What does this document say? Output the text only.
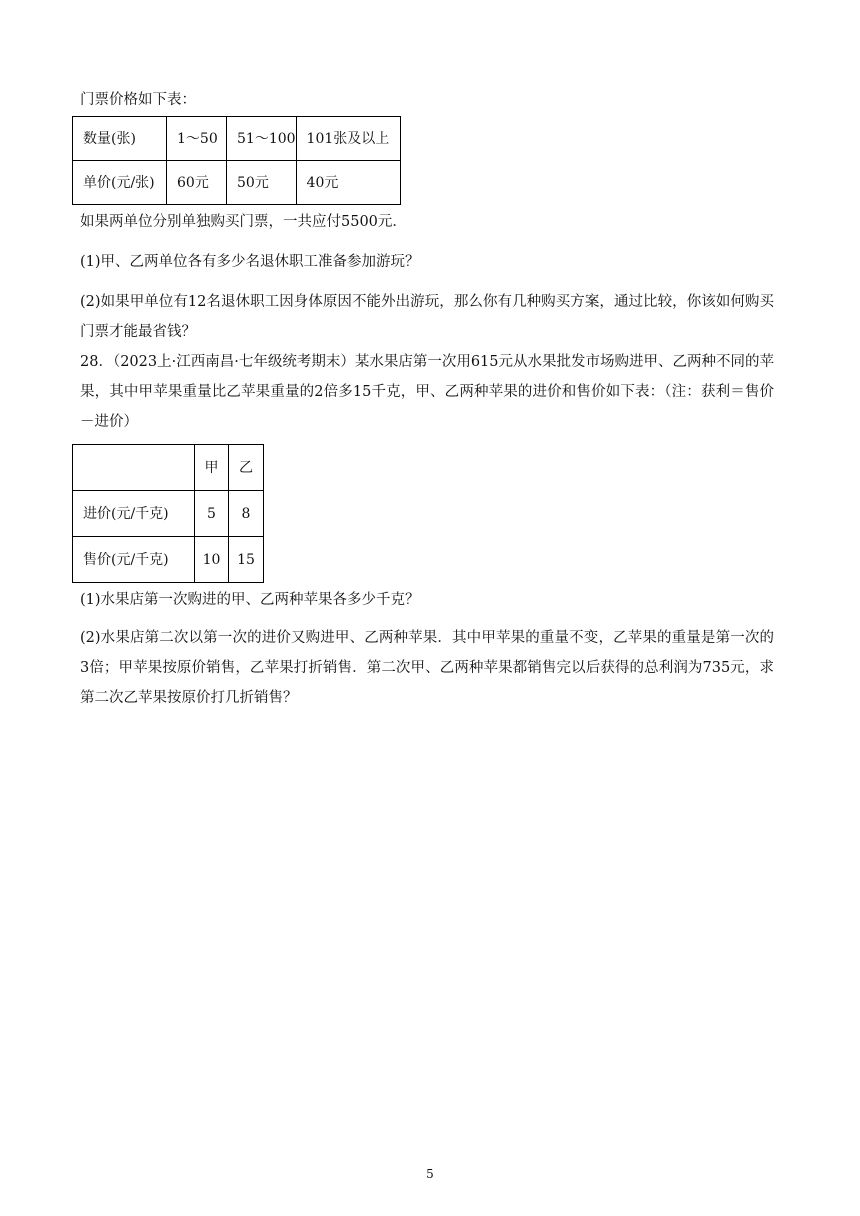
门票价格如下表：
数量(张)	1～50	51～100	101张及以上
单价(元/张)	60元	50元	40元
如果两单位分别单独购买门票，一共应付5500元．
(1)甲、乙两单位各有多少名退休职工准备参加游玩？
(2)如果甲单位有12名退休职工因身体原因不能外出游玩，那么你有几种购买方案，通过比较，你该如何购买门票才能最省钱？
28．（2023上·江西南昌·七年级统考期末）某水果店第一次用615元从水果批发市场购进甲、乙两种不同的苹果，其中甲苹果重量比乙苹果重量的2倍多15千克，甲、乙两种苹果的进价和售价如下表：（注：获利＝售价－进价）
	甲	乙
进价(元/千克)	5	8
售价(元/千克)	10	15
(1)水果店第一次购进的甲、乙两种苹果各多少千克？
(2)水果店第二次以第一次的进价又购进甲、乙两种苹果．其中甲苹果的重量不变，乙苹果的重量是第一次的3倍；甲苹果按原价销售，乙苹果打折销售．第二次甲、乙两种苹果都销售完以后获得的总利润为735元，求第二次乙苹果按原价打几折销售？
5
